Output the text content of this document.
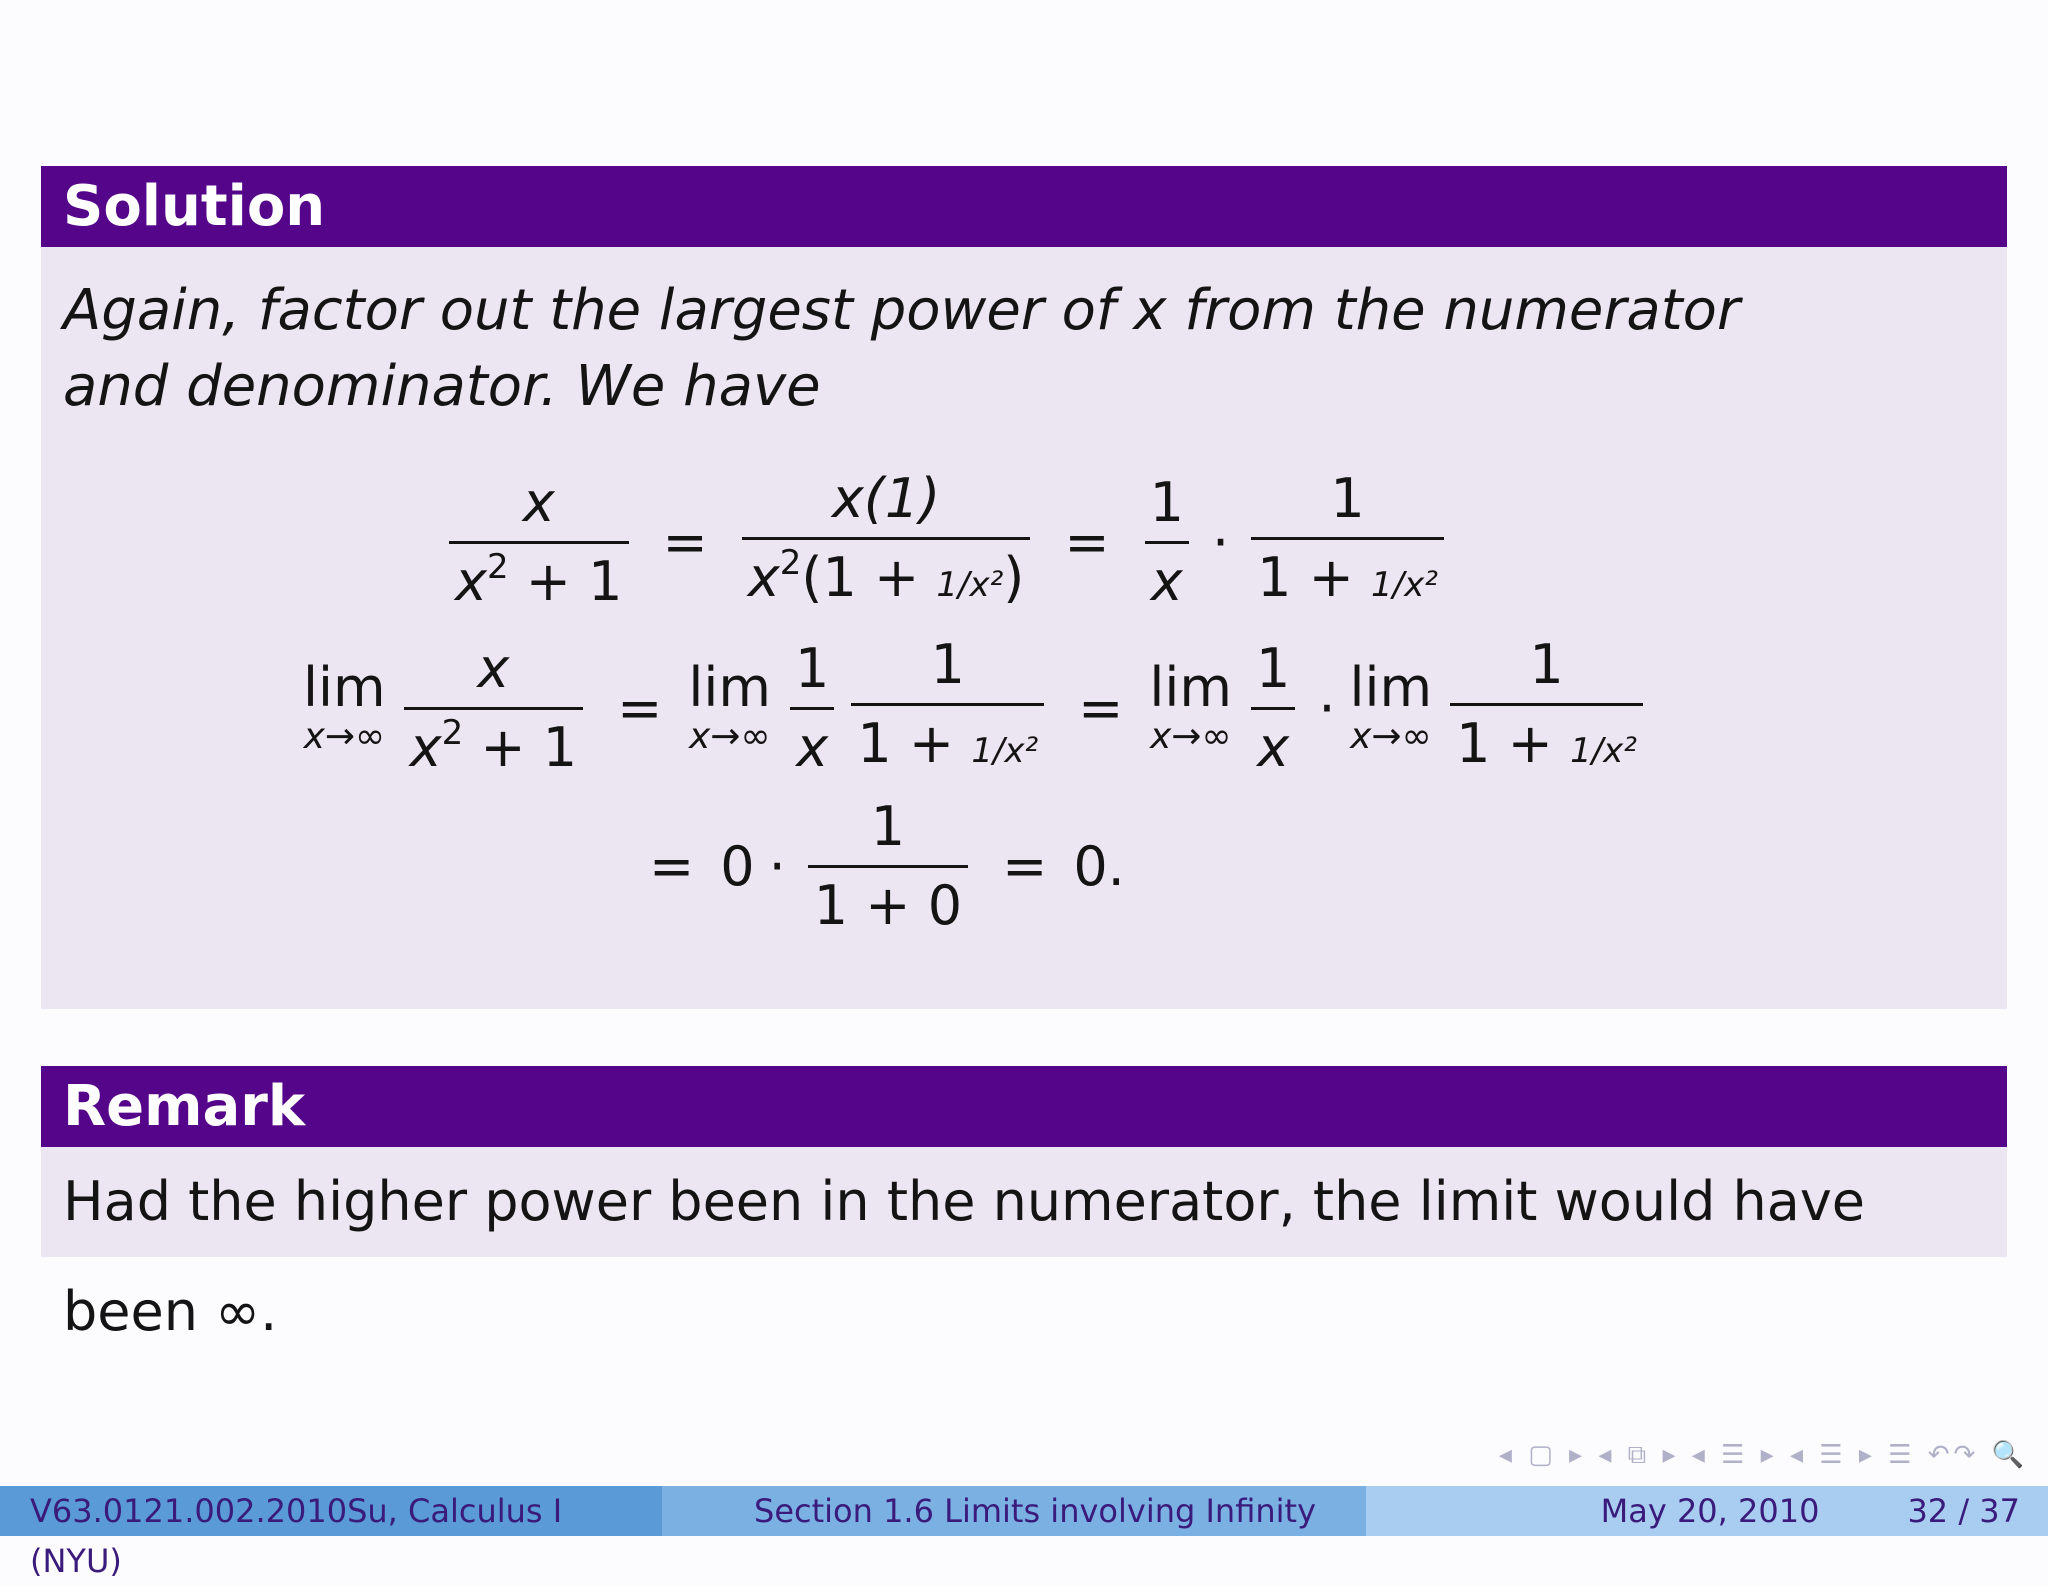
Solution
Again, factor out the largest power of x from the numerator and denominator. We have
$\frac{x}{x^2 + 1} = \frac{x(1)}{x^2(1 + 1/x^2)} = \frac{1}{x} \cdot \frac{1}{\text{1 + 1/x²}}$
lim
$x\to\infty \frac{x}{x^2 + 1} = \lim$
$x\to\infty \frac{1}{x} \frac{1}{\text{1 + 1/x²}} = \lim$
$x\to\infty \frac{1}{x} \cdot \lim$
$x\to\infty \frac{1}{\text{1 + 1/x²}}$
= $0 \cdot \frac{1}{1 + 0} = 0$.
Remark
Had the higher power been in the numerator, the limit would have been ∞.
◂ ▢ ▸ ◂ ⧉ ▸ ◂ ☰ ▸ ◂ ☰ ▸ ☰ ↶↷ 🔍
V63.0121.002.2010Su, Calculus I (NYU)
Section 1.6 Limits involving Infinity	May 20, 2010	32 / 37
